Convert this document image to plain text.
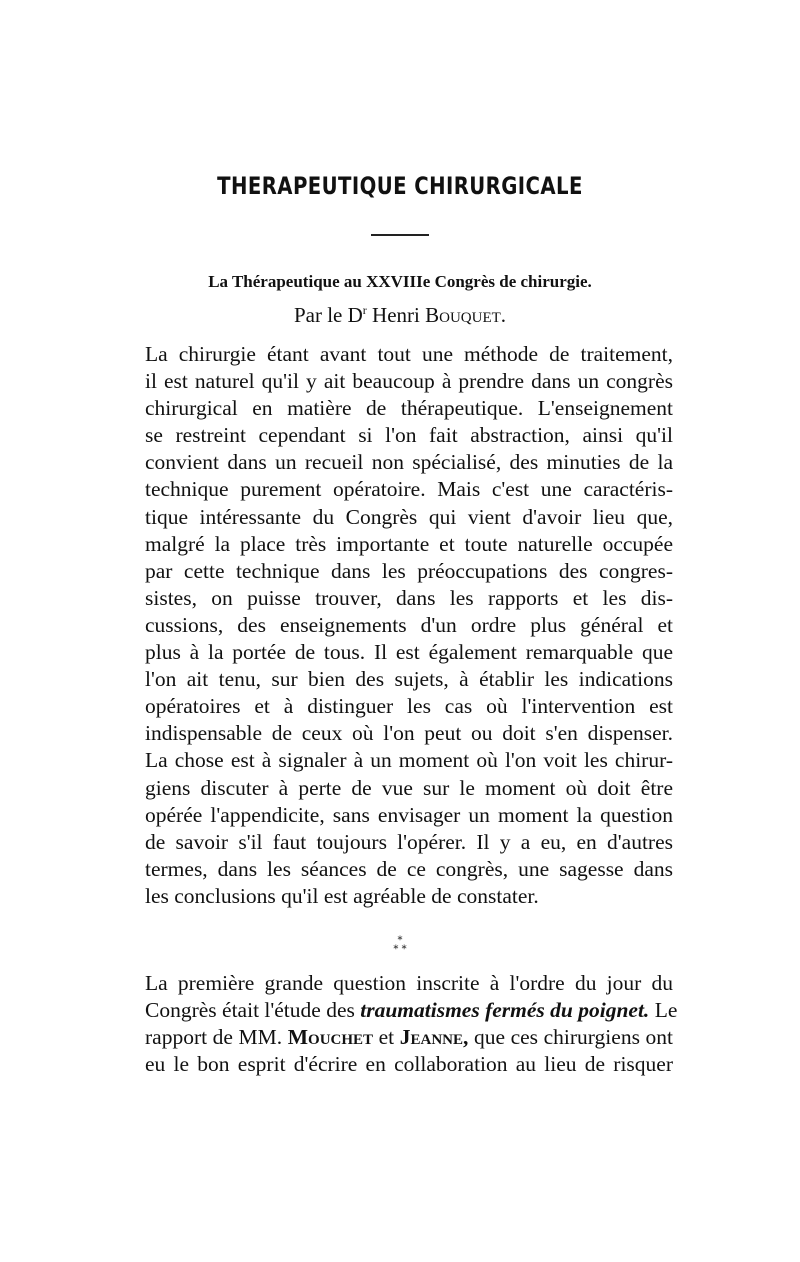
THERAPEUTIQUE CHIRURGICALE
La Thérapeutique au XXVIIIe Congrès de chirurgie.
Par le $D^r$ Henri Bouquet.
La chirurgie étant avant tout une méthode de traitement,
il est naturel qu'il y ait beaucoup à prendre dans un congrès
chirurgical en matière de thérapeutique. L'enseignement
se restreint cependant si l'on fait abstraction, ainsi qu'il
convient dans un recueil non spécialisé, des minuties de la
technique purement opératoire. Mais c'est une caractéris-
tique intéressante du Congrès qui vient d'avoir lieu que,
malgré la place très importante et toute naturelle occupée
par cette technique dans les préoccupations des congres-
sistes, on puisse trouver, dans les rapports et les dis-
cussions, des enseignements d'un ordre plus général et
plus à la portée de tous. Il est également remarquable que
l'on ait tenu, sur bien des sujets, à établir les indications
opératoires et à distinguer les cas où l'intervention est
indispensable de ceux où l'on peut ou doit s'en dispenser.
La chose est à signaler à un moment où l'on voit les chirur-
giens discuter à perte de vue sur le moment où doit être
opérée l'appendicite, sans envisager un moment la question
de savoir s'il faut toujours l'opérer. Il y a eu, en d'autres
termes, dans les séances de ce congrès, une sagesse dans
les conclusions qu'il est agréable de constater.
*
* *
La première grande question inscrite à l'ordre du jour du
Congrès était l'étude des traumatismes fermés du poignet. Le
rapport de MM. Mouchet et Jeanne, que ces chirurgiens ont
eu le bon esprit d'écrire en collaboration au lieu de risquer
